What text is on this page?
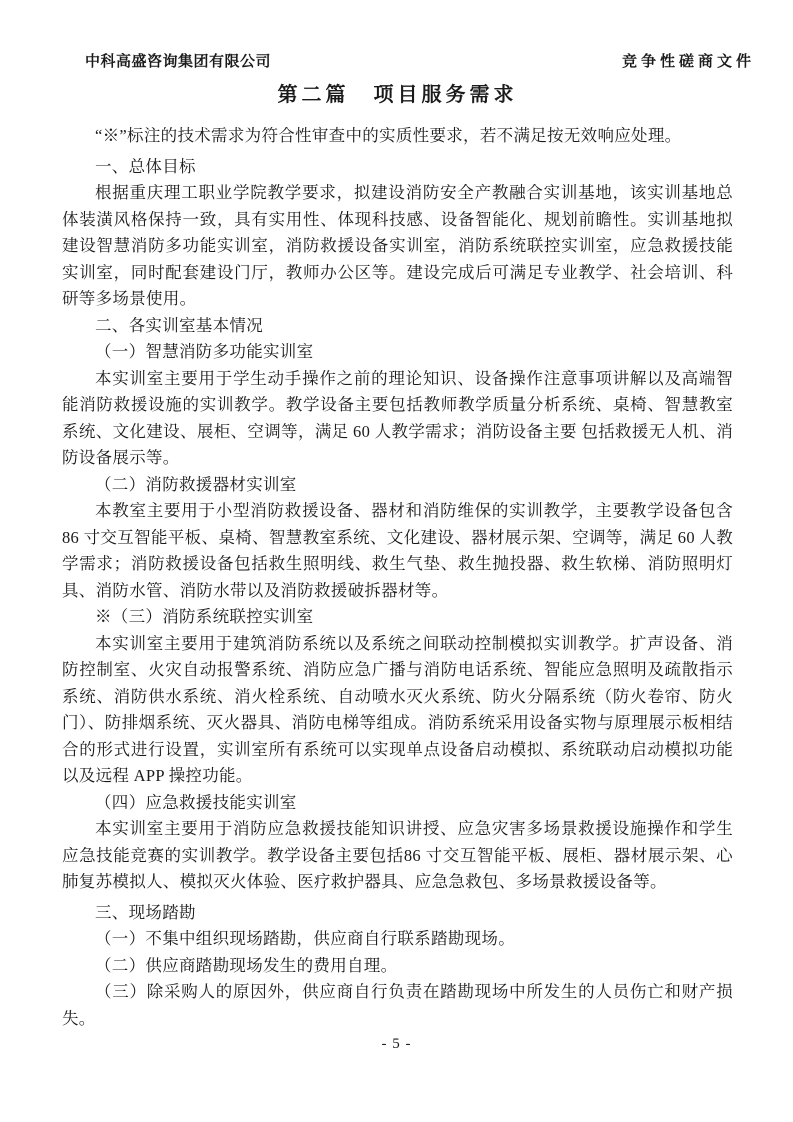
中科高盛咨询集团有限公司	竞争性磋商文件
第二篇　项目服务需求

“※”标注的技术需求为符合性审查中的实质性要求，若不满足按无效响应处理。

一、总体目标

根据重庆理工职业学院教学要求，拟建设消防安全产教融合实训基地，该实训基地总体装潢风格保持一致，具有实用性、体现科技感、设备智能化、规划前瞻性。实训基地拟建设智慧消防多功能实训室，消防救援设备实训室，消防系统联控实训室，应急救援技能实训室，同时配套建设门厅，教师办公区等。建设完成后可满足专业教学、社会培训、科研等多场景使用。

二、各实训室基本情况

（一）智慧消防多功能实训室

本实训室主要用于学生动手操作之前的理论知识、设备操作注意事项讲解以及高端智能消防救援设施的实训教学。教学设备主要包括教师教学质量分析系统、桌椅、智慧教室系统、文化建设、展柜、空调等，满足 60 人教学需求；消防设备主要 包括救援无人机、消防设备展示等。

（二）消防救援器材实训室

本教室主要用于小型消防救援设备、器材和消防维保的实训教学，主要教学设备包含86 寸交互智能平板、桌椅、智慧教室系统、文化建设、器材展示架、空调等，满足 60 人教学需求；消防救援设备包括救生照明线、救生气垫、救生抛投器、救生软梯、消防照明灯具、消防水管、消防水带以及消防救援破拆器材等。

※（三）消防系统联控实训室

本实训室主要用于建筑消防系统以及系统之间联动控制模拟实训教学。扩声设备、消防控制室、火灾自动报警系统、消防应急广播与消防电话系统、智能应急照明及疏散指示系统、消防供水系统、消火栓系统、自动喷水灭火系统、防火分隔系统（防火卷帘、防火门）、防排烟系统、灭火器具、消防电梯等组成。消防系统采用设备实物与原理展示板相结合的形式进行设置，实训室所有系统可以实现单点设备启动模拟、系统联动启动模拟功能以及远程 APP 操控功能。

（四）应急救援技能实训室

本实训室主要用于消防应急救援技能知识讲授、应急灾害多场景救援设施操作和学生应急技能竞赛的实训教学。教学设备主要包括86 寸交互智能平板、展柜、器材展示架、心 肺复苏模拟人、模拟灭火体验、医疗救护器具、应急急救包、多场景救援设备等。

三、现场踏勘

（一）不集中组织现场踏勘，供应商自行联系踏勘现场。

（二）供应商踏勘现场发生的费用自理。

（三）除采购人的原因外，供应商自行负责在踏勘现场中所发生的人员伤亡和财产损失。

- 5 -
